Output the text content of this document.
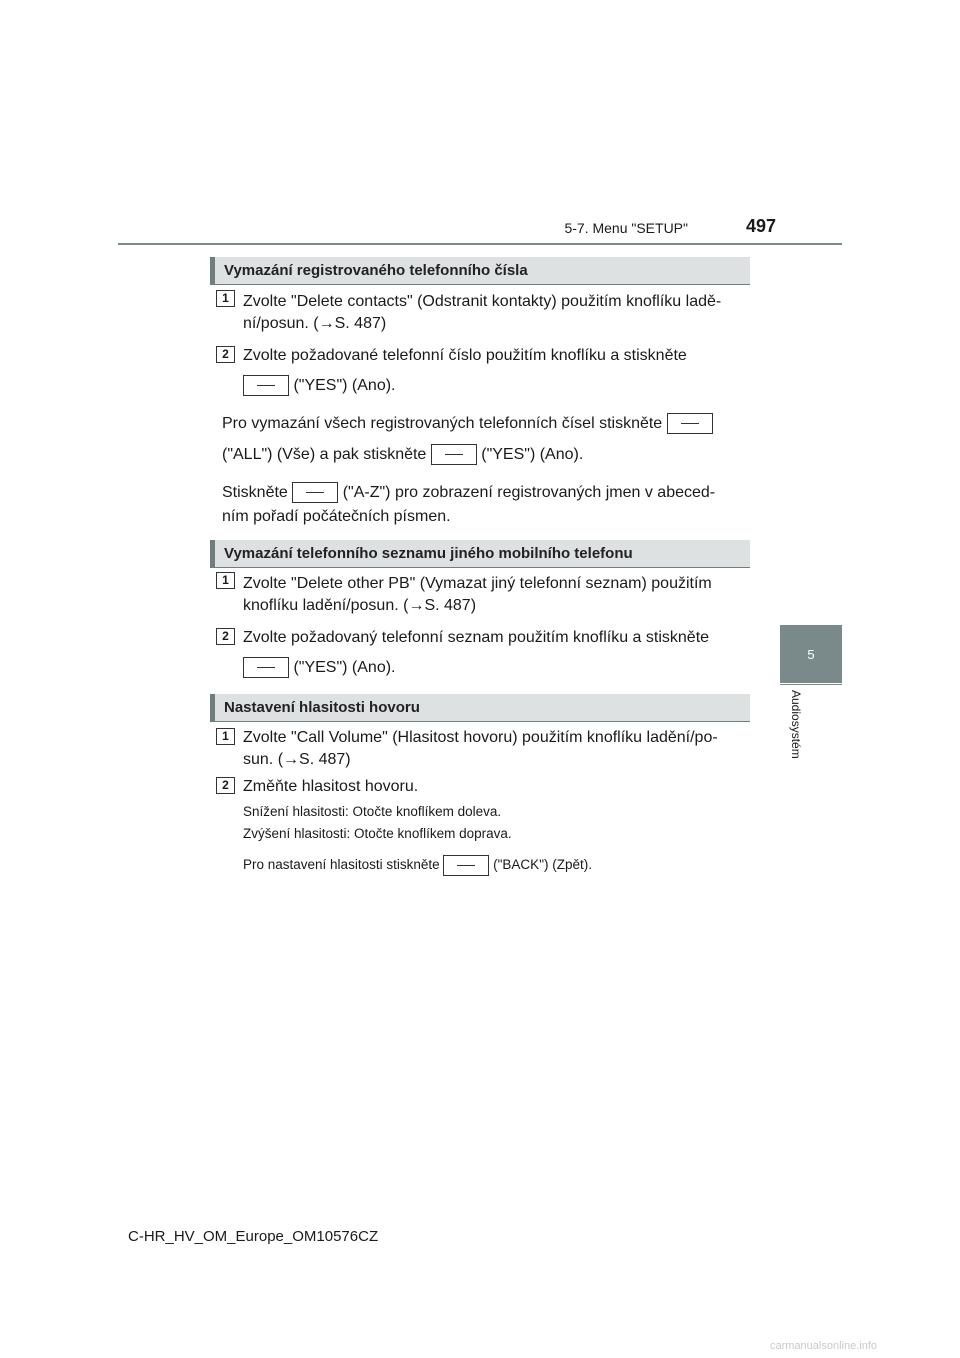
5-7. Menu "SETUP"	497
5
Audiosystém
Vymazání registrovaného telefonního čísla
1 Zvolte "Delete contacts" (Odstranit kontakty) použitím knoflíku ladě-
ní/posun. (→S. 487)
2 Zvolte požadované telefonní číslo použitím knoflíku a stiskněte
("YES") (Ano).
Pro vymazání všech registrovaných telefonních čísel stiskněte
("ALL") (Vše) a pak stiskněte	("YES") (Ano).
Stiskněte	("A-Z") pro zobrazení registrovaných jmen v abeced-
ním pořadí počátečních písmen.
Vymazání telefonního seznamu jiného mobilního telefonu
1 Zvolte "Delete other PB" (Vymazat jiný telefonní seznam) použitím
knoflíku ladění/posun. (→S. 487)
2 Zvolte požadovaný telefonní seznam použitím knoflíku a stiskněte
("YES") (Ano).
Nastavení hlasitosti hovoru
1 Zvolte "Call Volume" (Hlasitost hovoru) použitím knoflíku ladění/po-
sun. (→S. 487)
2 Změňte hlasitost hovoru.
Snížení hlasitosti: Otočte knoflíkem doleva.
Zvýšení hlasitosti: Otočte knoflíkem doprava.
Pro nastavení hlasitosti stiskněte	("BACK") (Zpět).
C-HR_HV_OM_Europe_OM10576CZ
carmanualsonline.info
